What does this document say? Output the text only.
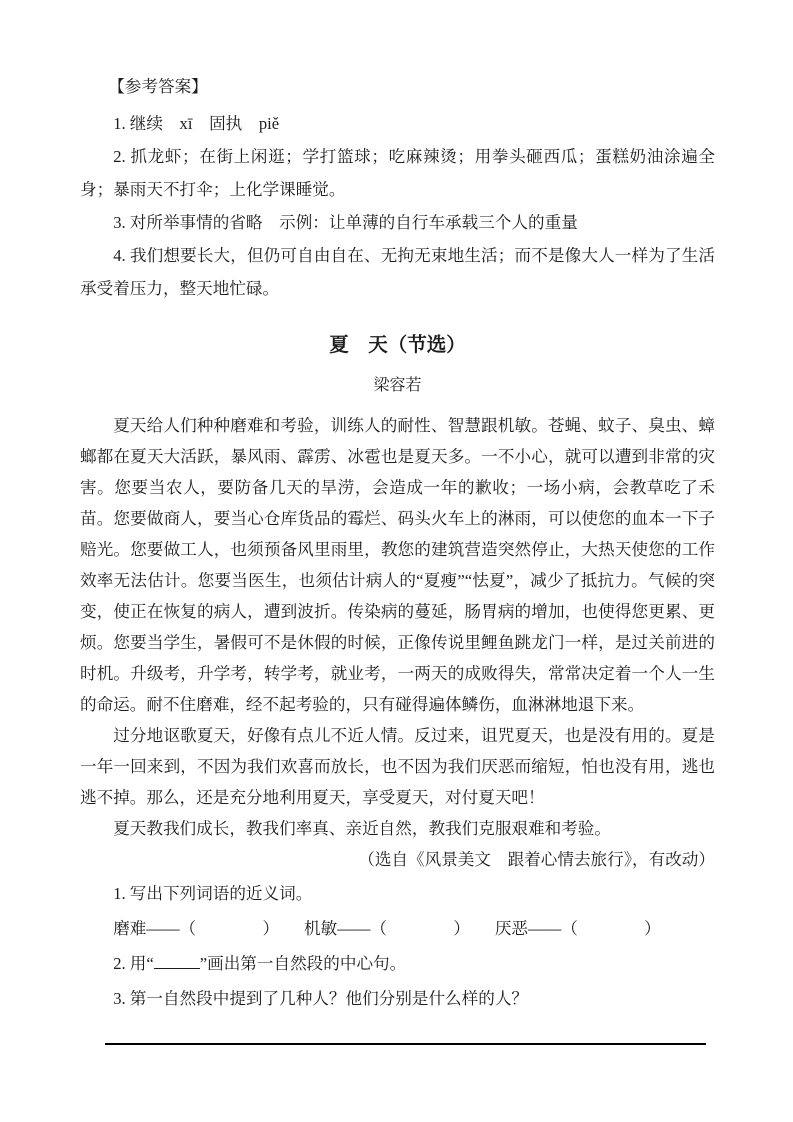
【参考答案】
1. 继续　xī　固执　piě
2. 抓龙虾；在街上闲逛；学打篮球；吃麻辣烫；用拳头砸西瓜；蛋糕奶油涂遍全身；暴雨天不打伞；上化学课睡觉。
3. 对所举事情的省略　示例：让单薄的自行车承载三个人的重量
4. 我们想要长大，但仍可自由自在、无拘无束地生活；而不是像大人一样为了生活承受着压力，整天地忙碌。
夏　天（节选）
梁容若
夏天给人们种种磨难和考验，训练人的耐性、智慧跟机敏。苍蝇、蚊子、臭虫、蟑螂都在夏天大活跃，暴风雨、霹雳、冰雹也是夏天多。一不小心，就可以遭到非常的灾害。您要当农人，要防备几天的旱涝，会造成一年的歉收；一场小病，会教草吃了禾苗。您要做商人，要当心仓库货品的霉烂、码头火车上的淋雨，可以使您的血本一下子赔光。您要做工人，也须预备风里雨里，教您的建筑营造突然停止，大热天使您的工作效率无法估计。您要当医生，也须估计病人的“夏瘦”“怯夏”，减少了抵抗力。气候的突变，使正在恢复的病人，遭到波折。传染病的蔓延，肠胃病的增加，也使得您更累、更烦。您要当学生，暑假可不是休假的时候，正像传说里鲤鱼跳龙门一样，是过关前进的时机。升级考，升学考，转学考，就业考，一两天的成败得失，常常决定着一个人一生的命运。耐不住磨难，经不起考验的，只有碰得遍体鳞伤，血淋淋地退下来。
过分地讴歌夏天，好像有点儿不近人情。反过来，诅咒夏天，也是没有用的。夏是一年一回来到，不因为我们欢喜而放长，也不因为我们厌恶而缩短，怕也没有用，逃也逃不掉。那么，还是充分地利用夏天，享受夏天，对付夏天吧！
夏天教我们成长，教我们率真、亲近自然，教我们克服艰难和考验。
（选自《风景美文　跟着心情去旅行》，有改动）
1. 写出下列词语的近义词。
磨难——（　　　　）　　机敏——（　　　　）　　厌恶——（　　　　）
2. 用“	”画出第一自然段的中心句。
3. 第一自然段中提到了几种人？他们分别是什么样的人？
